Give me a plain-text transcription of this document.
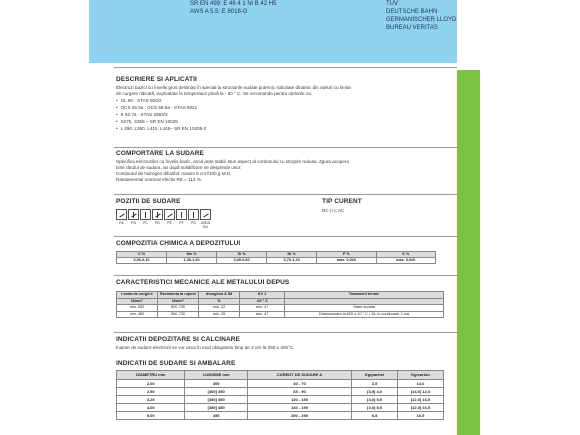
SR EN 499: E 46 4 1 Ni B 42 H5
AWS A 5.5: E 8018-G
TUV
DEUTSCHE BAHN
GERMANISCHER LLOYD
BUREAU VERITAS
DESCRIERE SI APLICATII
Electrozi bazici cu înveliș gros destinați în special la structurile sudate puternic solicitate dinamic din oțeluri cu limita
de curgere ridicată, exploatate la temperaturi până la - 60 ° C. Se recomanda pentru oțelurile ca:
• OL 60 - STAS 500/2
• OCS 55.5a ; OCS 58.5a - STAS 9021
• K 52.7a - STAS 2883/3
• S275, S355 – SR EN 10025
• L 290, L360, L415, L445– SR EN 10208-2
COMPORTARE LA SUDARE
Specifica electrozilor cu înveliș bazic, arcul arde stabil. Bun aspect al cordonului cu stropire redusa. Zgura acopera
bine rândul de sudura, iar după solidificare se desprinde usor.
Conținutul de hidrogen difuzibil: maxim 5 cm³/100 g M.D.
Randamentul nominal efectiv RE = 113 %.
POZITII DE SUDARE	TIP CURENT
DC (+); AC
PA	PB	PC	PD	PE	PF	PG	ASDS EN
COMPOZITIA CHIMICA A DEPOZITULUI
C %	Mn %	Si %	Ni %	P %	S %
0,06-0,10	1,00-1,60	0,30-0,60	0,70-1,20	max. 0,020	max. 0,020
CARACTERISTICI MECANICE ALE METALULUI DEPUS
Limita de curgere	Rezistenta la rupere	Alungirea A 5d	KV J	Tratament termic
N/mm²	N/mm²	%	-60 ° C	
min. 500	600-730	min. 22	min. 47	Stare sudata
min. 460	550-730	min. 25	min. 47	Detensionare la 620 ± 10 ° C / 1h; în continuare 1 ora
INDICATII DEPOZITARE SI CALCINARE
Înainte de sudare electrozii se vor usca în mod obligatoriu timp de 2 ore la 250 ± 300°C.
INDICATII DE SUDARE SI AMBALARE
DIAMETRU mm	LUNGIME mm	CURENT DE SUDARE A	Kg/pachet	Kg/carton
2,00	300	40 - 70	3,5	14,0
2,50	[300] 350	65 - 90	[3,5] 4,0	[14,0] 12,0
3,25	[350] 450	120 - 150	[4,0] 5,5	[12,0] 16,5
4,00	[350] 450	140 - 190	[4,0] 5,5	[12,0] 16,5
5,00	450	200 - 250	5,5	16,5
